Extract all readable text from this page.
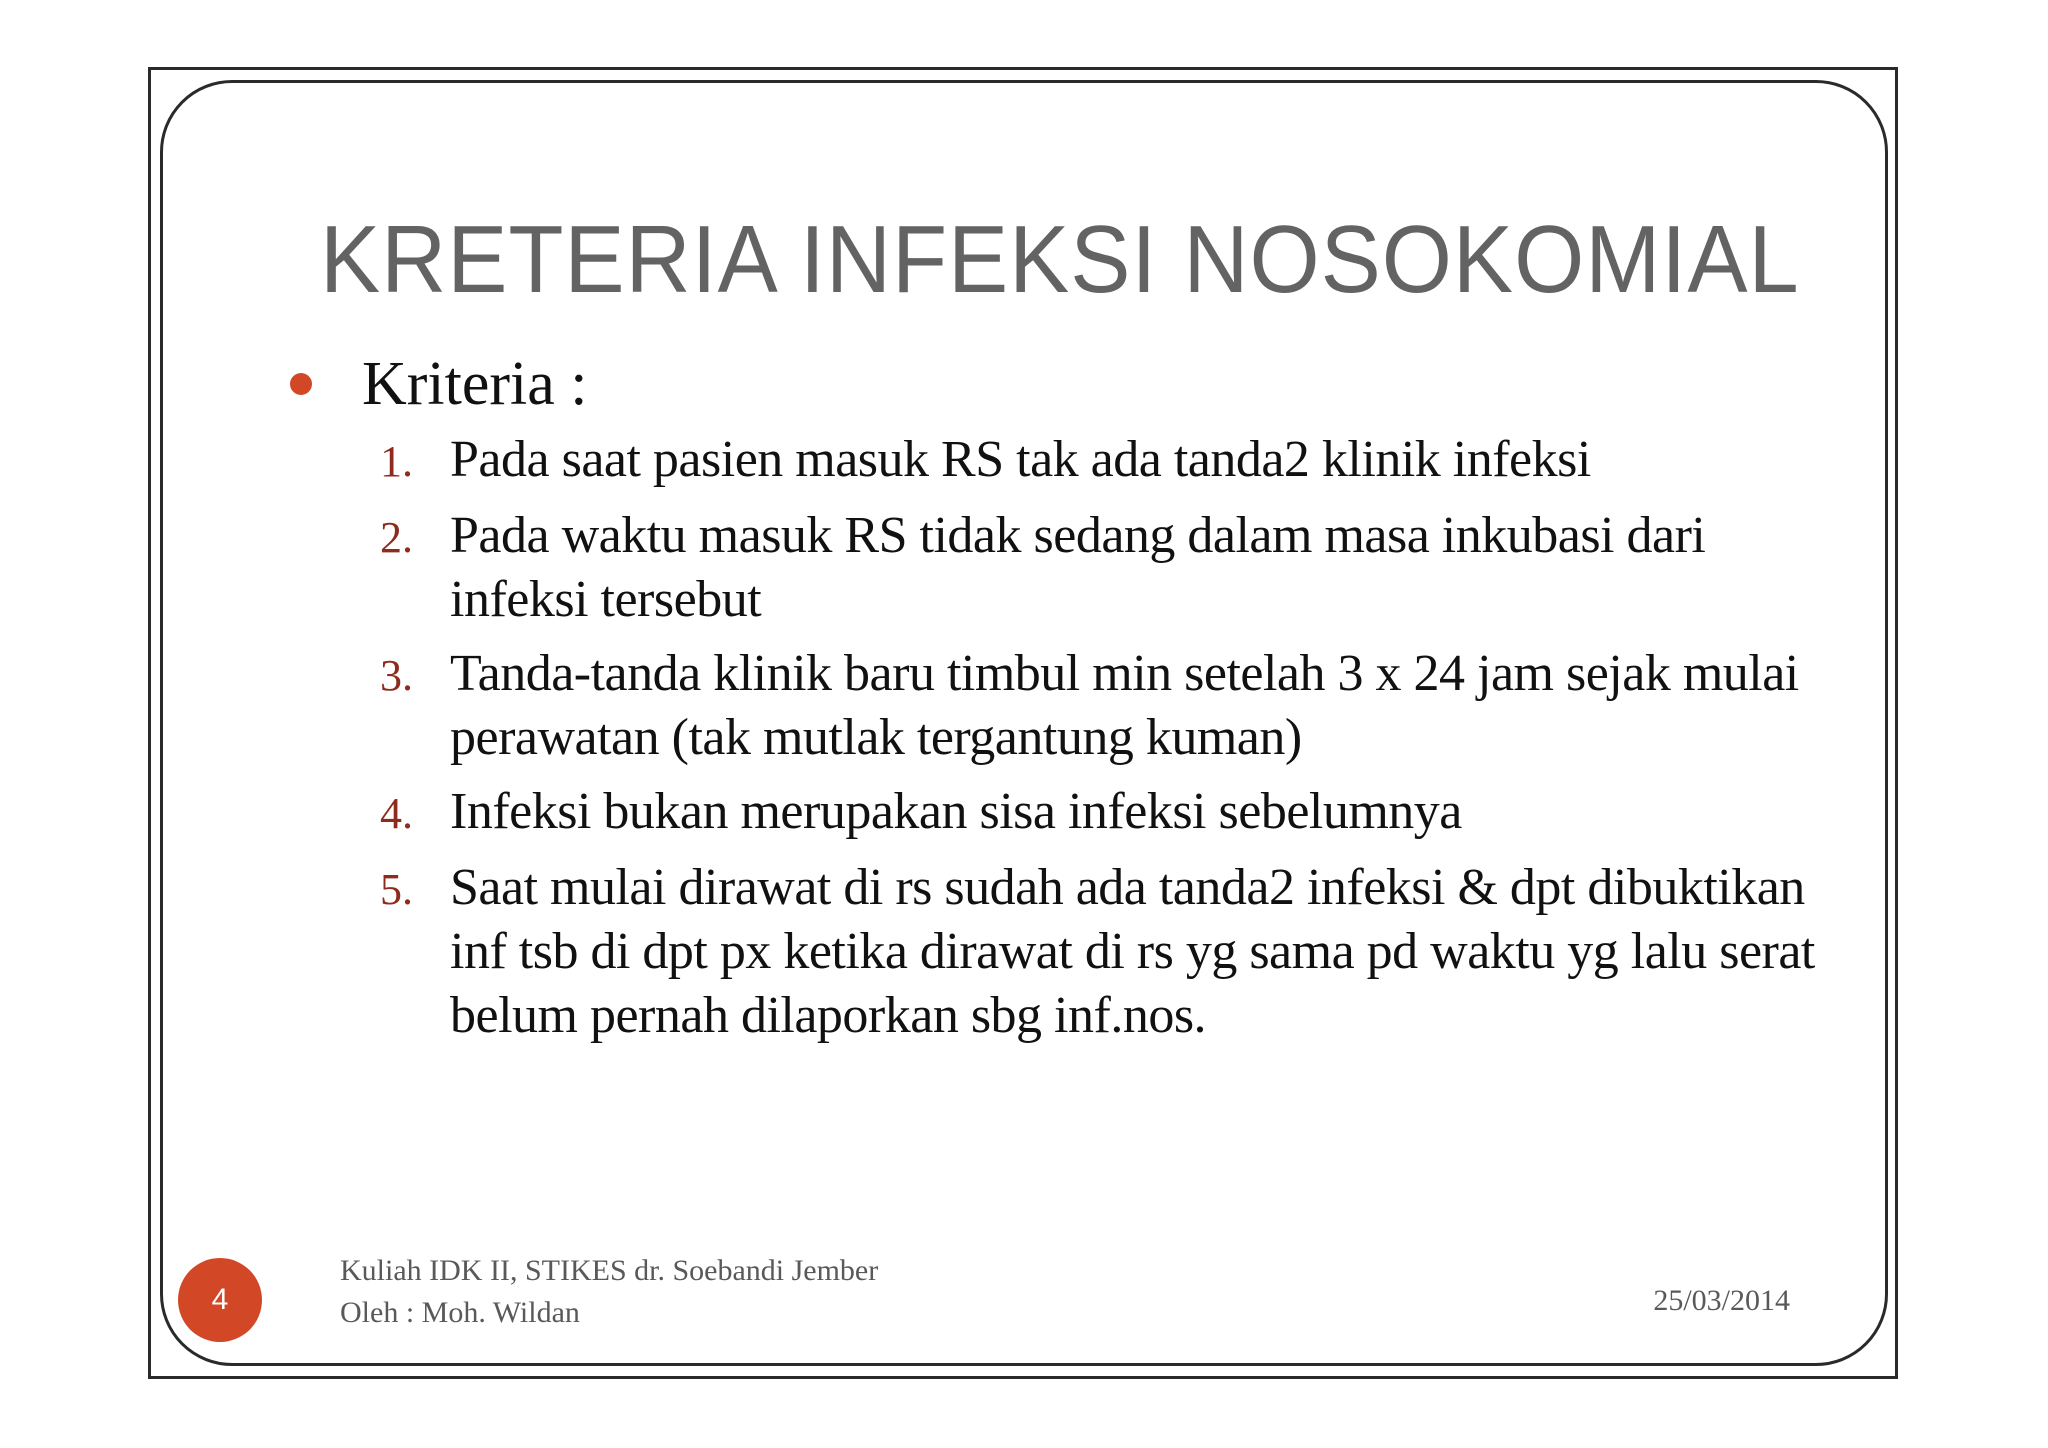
KRETERIA INFEKSI NOSOKOMIAL
Kriteria :
1. Pada saat pasien masuk RS tak ada tanda2 klinik infeksi
2. Pada waktu masuk RS tidak sedang dalam masa inkubasi dari infeksi tersebut
3. Tanda-tanda klinik baru timbul min setelah 3 x 24 jam sejak mulai perawatan (tak mutlak tergantung kuman)
4. Infeksi bukan merupakan sisa infeksi sebelumnya
5. Saat mulai dirawat di rs sudah ada tanda2 infeksi & dpt dibuktikan inf tsb di dpt px ketika dirawat di rs yg sama pd waktu yg lalu serat belum pernah dilaporkan sbg inf.nos.
4
Kuliah IDK II, STIKES dr. Soebandi Jember
Oleh : Moh. Wildan	25/03/2014
